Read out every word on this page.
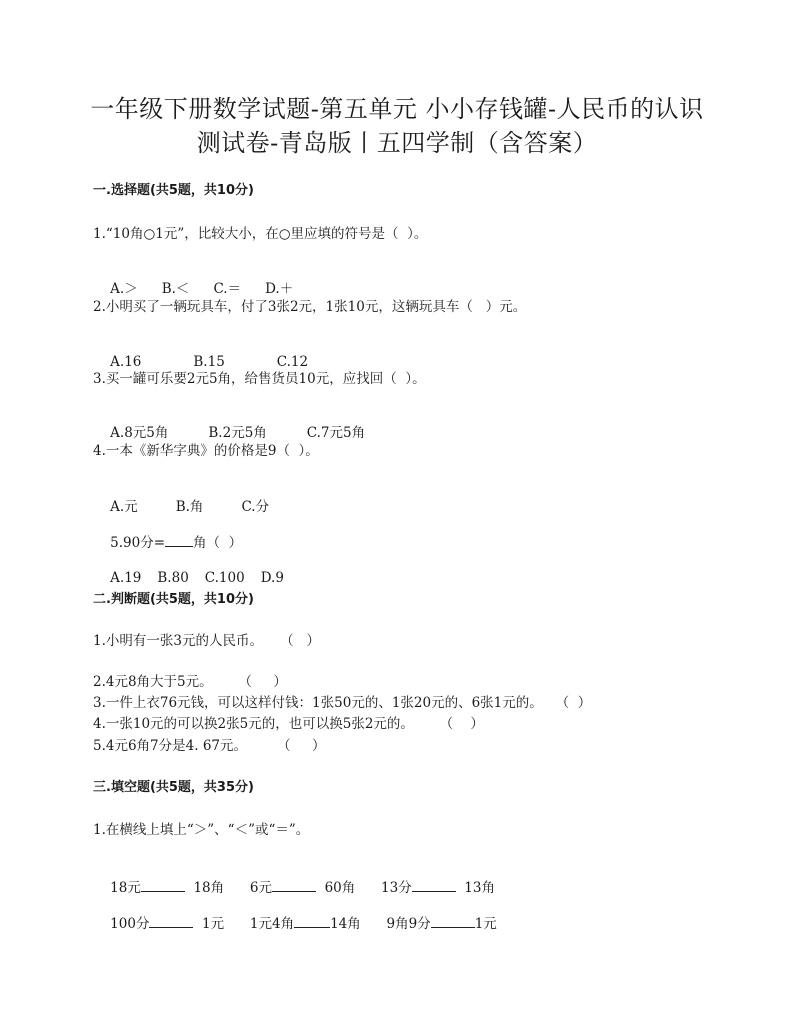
一年级下册数学试题-第五单元 小小存钱罐-人民币的认识
测试卷-青岛版丨五四学制（含答案）
一.选择题(共5题，共10分)
1.“10角○1元”，比较大小，在○里应填的符号是（  ）。

A.＞ B.＜ C.＝ D.＋

2.小明买了一辆玩具车，付了3张2元，1张10元，这辆玩具车（   ）元。

A.16	B.15	C.12

3.买一罐可乐要2元5角，给售货员10元，应找回（  ）。

A.8元5角	B.2元5角	C.7元5角

4.一本《新华字典》的价格是9（  ）。

A.元	B.角	C.分

5.90分= 角（  ）

A.19 B.80 C.100 D.9

二.判断题(共5题，共10分)
1.小明有一张3元的人民币。    （   ）
2.4元8角大于5元。      （     ）
3.一件上衣76元钱，可以这样付钱：1张50元的、1张20元的、6张1元的。   （  ）
4.一张10元的可以换2张5元的，也可以换5张2元的。      （    ）
5.4元6角7分是4. 67元。       （     ）
三.填空题(共5题，共35分)
1.在横线上填上“＞”、“＜”或“＝”。

18元	18角 6元	60角 13分	13角

100分	1元 1元4角	14角 9角9分	1元
